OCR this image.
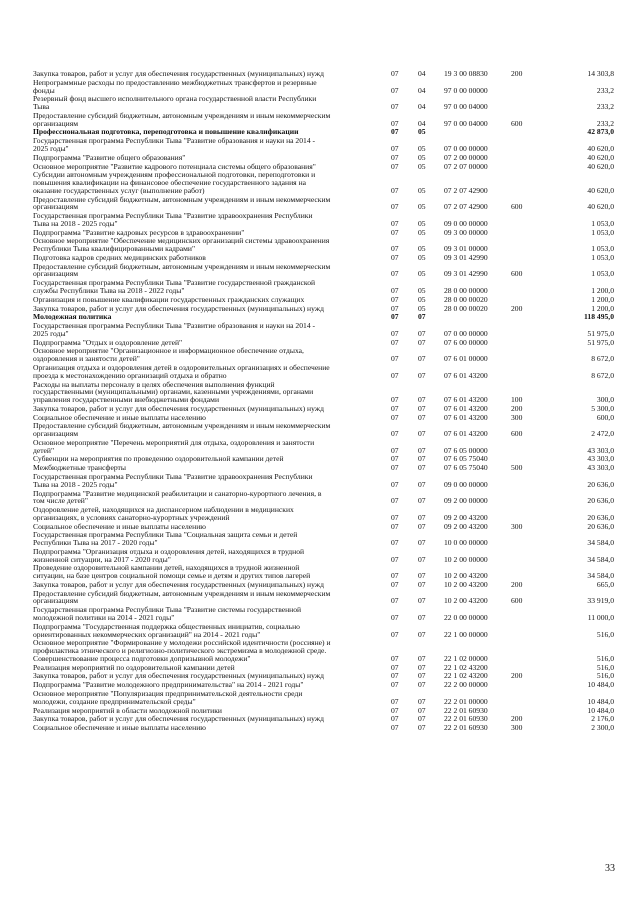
Закупка товаров, работ и услуг для обеспечения государственных (муниципальных) нужд	07	04	19 3 00 08830	200	14 303,8
Непрограммные расходы по предоставлению межбюджетных трансфертов и резервные
фонды	07	04	97 0 00 00000	233,2
Резервный фонд высшего исполнительного органа государственной власти Республики
Тыва	07	04	97 0 00 04000	233,2
Предоставление субсидий бюджетным, автономным учреждениям и иным некоммерческим
организациям	07	04	97 0 00 04000	600	233,2
Профессиональная подготовка, переподготовка и повышение квалификации	07	05	42 873,0
Государственная программа Республики Тыва "Развитие образования и науки на 2014 -
2025 годы"	07	05	07 0 00 00000	40 620,0
Подпрограмма "Развитие общего образования"	07	05	07 2 00 00000	40 620,0
Основное мероприятие "Развитие кадрового потенциала системы общего образования"	07	05	07 2 07 00000	40 620,0
Субсидии автономным учреждениям профессиональной подготовки, переподготовки и
повышения квалификации на финансовое обеспечение государственного задания на
оказание государственных услуг (выполнение работ)	07	05	07 2 07 42900	40 620,0
Предоставление субсидий бюджетным, автономным учреждениям и иным некоммерческим
организациям	07	05	07 2 07 42900	600	40 620,0
Государственная программа Республики Тыва "Развитие здравоохранения Республики
Тыва на 2018 - 2025 годы"	07	05	09 0 00 00000	1 053,0
Подпрограмма "Развитие кадровых ресурсов в здравоохранении"	07	05	09 3 00 00000	1 053,0
Основное мероприятие "Обеспечение медицинских организаций системы здравоохранения
Республики Тыва квалифицированными кадрами"	07	05	09 3 01 00000	1 053,0
Подготовка кадров средних медицинских работников	07	05	09 3 01 42990	1 053,0
Предоставление субсидий бюджетным, автономным учреждениям и иным некоммерческим
организациям	07	05	09 3 01 42990	600	1 053,0
Государственная программа Республики Тыва "Развитие государственной гражданской
службы Республики Тыва на 2018 - 2022 годы"	07	05	28 0 00 00000	1 200,0
Организация и повышение квалификации государственных гражданских служащих	07	05	28 0 00 00020	1 200,0
Закупка товаров, работ и услуг для обеспечения государственных (муниципальных) нужд	07	05	28 0 00 00020	200	1 200,0
Молодежная политика	07	07	118 495,0
Государственная программа Республики Тыва "Развитие образования и науки на 2014 -
2025 годы"	07	07	07 0 00 00000	51 975,0
Подпрограмма "Отдых и оздоровление детей"	07	07	07 6 00 00000	51 975,0
Основное мероприятие "Организационное и информационное обеспечение отдыха,
оздоровления и занятости детей"	07	07	07 6 01 00000	8 672,0
Организация отдыха и оздоровления детей в оздоровительных организациях и обеспечение
проезда к местонахождению организаций отдыха и обратно	07	07	07 6 01 43200	8 672,0
Расходы на выплаты персоналу в целях обеспечения выполнения функций
государственными (муниципальными) органами, казенными учреждениями, органами
управления государственными внебюджетными фондами	07	07	07 6 01 43200	100	300,0
Закупка товаров, работ и услуг для обеспечения государственных (муниципальных) нужд	07	07	07 6 01 43200	200	5 300,0
Социальное обеспечение и иные выплаты населению	07	07	07 6 01 43200	300	600,0
Предоставление субсидий бюджетным, автономным учреждениям и иным некоммерческим
организациям	07	07	07 6 01 43200	600	2 472,0
Основное мероприятие "Перечень мероприятий для отдыха, оздоровления и занятости
детей"	07	07	07 6 05 00000	43 303,0
Субвенции на мероприятия по проведению оздоровительной кампании детей	07	07	07 6 05 75040	43 303,0
Межбюджетные трансферты	07	07	07 6 05 75040	500	43 303,0
Государственная программа Республики Тыва "Развитие здравоохранения Республики
Тыва на 2018 - 2025 годы"	07	07	09 0 00 00000	20 636,0
Подпрограмма "Развитие медицинской реабилитации и санаторно-курортного лечения, в
том числе детей"	07	07	09 2 00 00000	20 636,0
Оздоровление детей, находящихся на диспансерном наблюдении в медицинских
организациях, в условиях санаторно-курортных учреждений	07	07	09 2 00 43200	20 636,0
Социальное обеспечение и иные выплаты населению	07	07	09 2 00 43200	300	20 636,0
Государственная программа Республики Тыва "Социальная защита семьи и детей
Республики Тыва на 2017 - 2020 годы"	07	07	10 0 00 00000	34 584,0
Подпрограмма "Организация отдыха и оздоровления детей, находящихся в трудной
жизненной ситуации, на 2017 - 2020 годы"	07	07	10 2 00 00000	34 584,0
Проведение оздоровительной кампании детей, находящихся в трудной жизненной
ситуации, на базе центров социальной помощи семье и детям и других типов лагерей	07	07	10 2 00 43200	34 584,0
Закупка товаров, работ и услуг для обеспечения государственных (муниципальных) нужд	07	07	10 2 00 43200	200	665,0
Предоставление субсидий бюджетным, автономным учреждениям и иным некоммерческим
организациям	07	07	10 2 00 43200	600	33 919,0
Государственная программа Республики Тыва "Развитие системы государственной
молодежной политики на 2014 - 2021 годы"	07	07	22 0 00 00000	11 000,0
Подпрограмма "Государственная поддержка общественных инициатив, социально
ориентированных некоммерческих организаций" на 2014 - 2021 годы"	07	07	22 1 00 00000	516,0
Основное мероприятие "Формирование у молодежи российской идентичности (россияне) и
профилактика этнического и религиозно-политического экстремизма в молодежной среде.
Совершенствование процесса подготовки допризывной молодежи"	07	07	22 1 02 00000	516,0
Реализация мероприятий по оздоровительной кампании детей	07	07	22 1 02 43200	516,0
Закупка товаров, работ и услуг для обеспечения государственных (муниципальных) нужд	07	07	22 1 02 43200	200	516,0
Подпрограмма "Развитие молодежного предпринимательства" на 2014 - 2021 годы"	07	07	22 2 00 00000	10 484,0
Основное мероприятие "Популяризация предпринимательской деятельности среди
молодежи, создание предпринимательской среды"	07	07	22 2 01 00000	10 484,0
Реализация мероприятий в области молодежной политики	07	07	22 2 01 60930	10 484,0
Закупка товаров, работ и услуг для обеспечения государственных (муниципальных) нужд	07	07	22 2 01 60930	200	2 176,0
Социальное обеспечение и иные выплаты населению	07	07	22 2 01 60930	300	2 300,0
33
